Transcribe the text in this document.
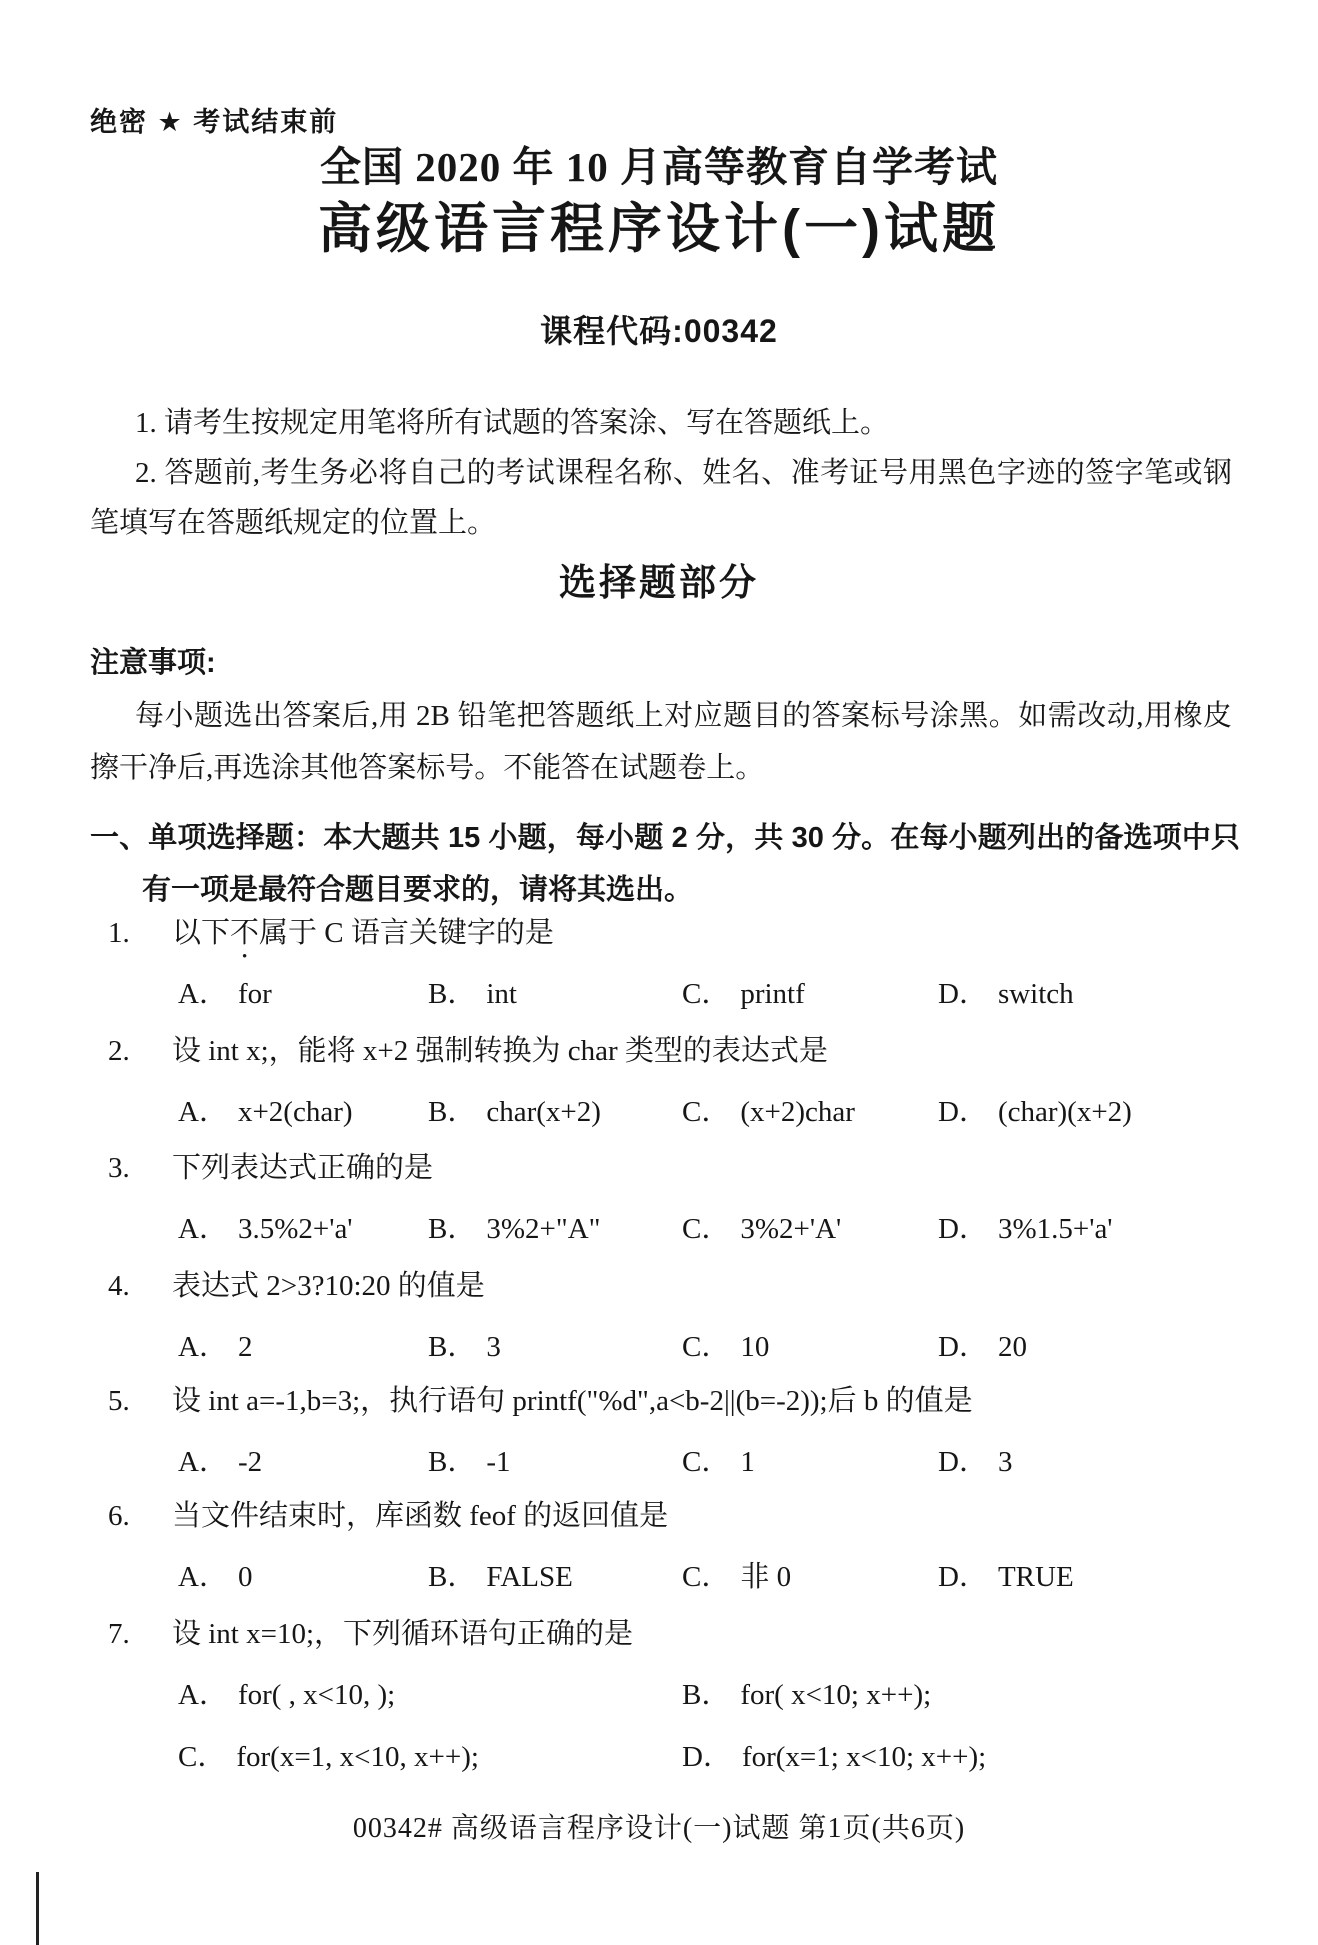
绝密 ★ 考试结束前
全国 2020 年 10 月高等教育自学考试
高级语言程序设计(一)试题
课程代码:00342
1. 请考生按规定用笔将所有试题的答案涂、写在答题纸上。
2. 答题前,考生务必将自己的考试课程名称、姓名、准考证号用黑色字迹的签字笔或钢笔填写在答题纸规定的位置上。
选择题部分
注意事项:
每小题选出答案后,用 2B 铅笔把答题纸上对应题目的答案标号涂黑。如需改动,用橡皮擦干净后,再选涂其他答案标号。不能答在试题卷上。
一、单项选择题：本大题共 15 小题，每小题 2 分，共 30 分。在每小题列出的备选项中只有一项是最符合题目要求的，请将其选出。
1. 以下不属于 C 语言关键字的是
A． for	B． int	C． printf	D． switch
2. 设 int x;，能将 x+2 强制转换为 char 类型的表达式是
A． x+2(char)	B． char(x+2)	C． (x+2)char	D． (char)(x+2)
3. 下列表达式正确的是
A． 3.5%2+'a'	B． 3%2+"A"	C． 3%2+'A'	D． 3%1.5+'a'
4. 表达式 2>3?10:20 的值是
A． 2	B． 3	C． 10	D． 20
5. 设 int a=-1,b=3;，执行语句 printf("%d",a<b-2||(b=-2));后 b 的值是
A． -2	B． -1	C． 1	D． 3
6. 当文件结束时，库函数 feof 的返回值是
A． 0	B． FALSE	C． 非 0	D． TRUE
7. 设 int x=10;，下列循环语句正确的是
A． for( , x<10, );	B． for( x<10; x++);
C． for(x=1, x<10, x++);	D． for(x=1; x<10; x++);
00342# 高级语言程序设计(一)试题 第1页(共6页)
